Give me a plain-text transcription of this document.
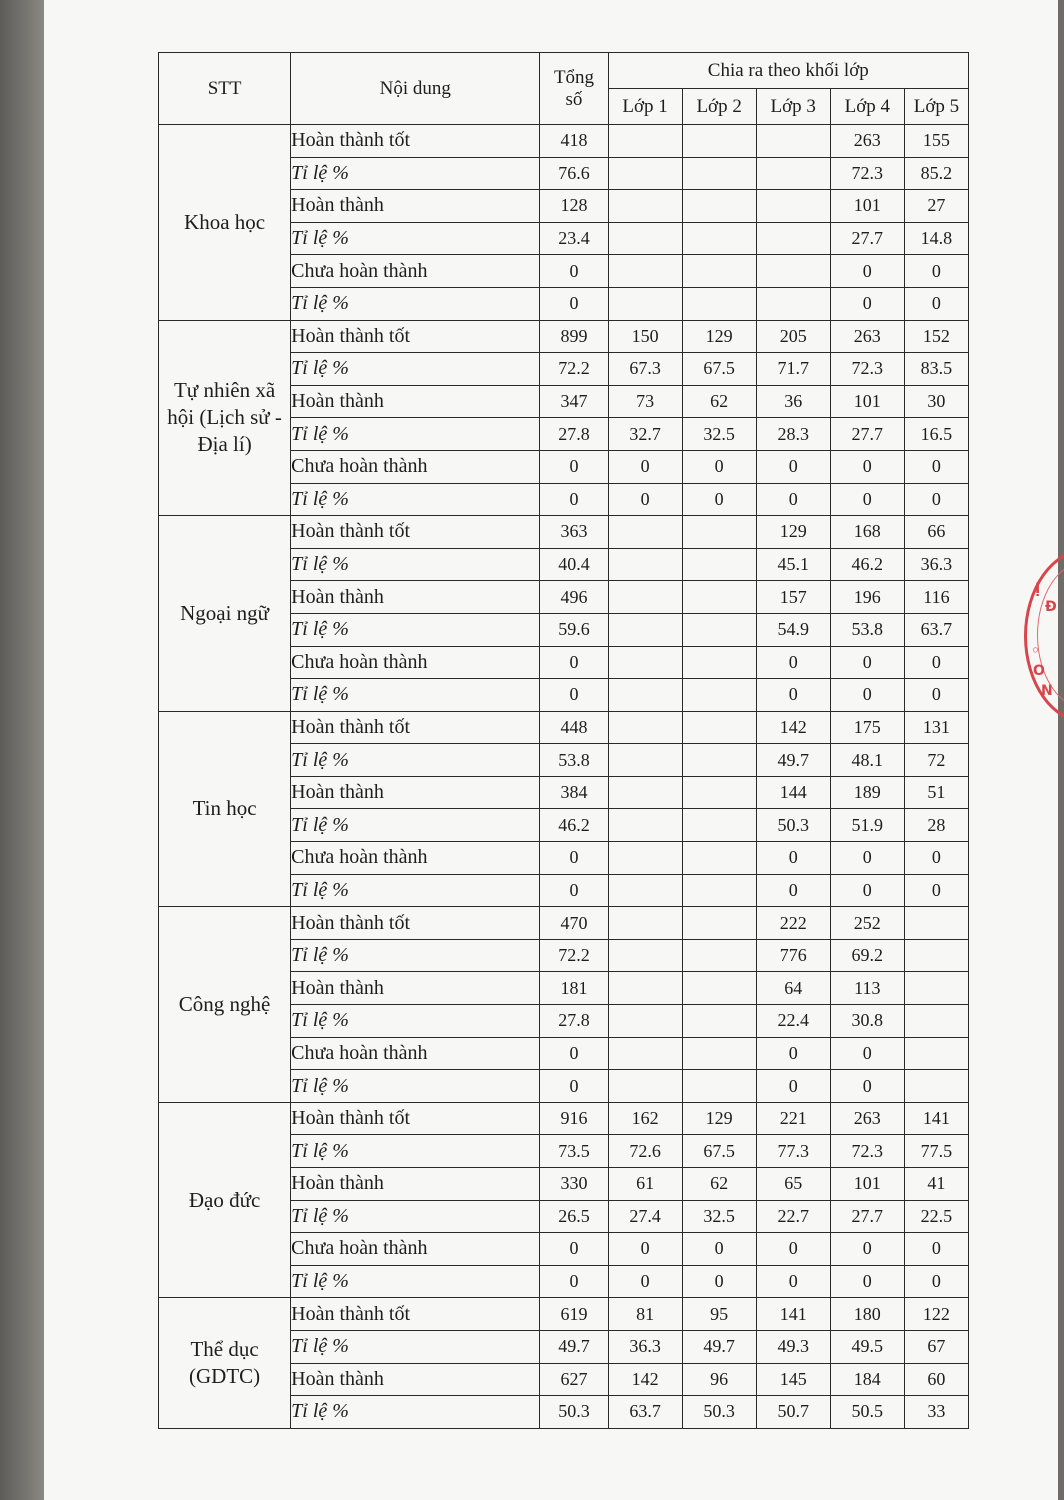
Ị
Đ
◦
O
N
STT	Nội dung	Tổng số	Chia ra theo khối lớp				
			Lớp 1	Lớp 2	Lớp 3	Lớp 4	Lớp 5
Khoa học	Hoàn thành tốt	418				263	155
	Tỉ lệ %	76.6				72.3	85.2
	Hoàn thành	128				101	27
	Tỉ lệ %	23.4				27.7	14.8
	Chưa hoàn thành	0				0	0
	Tỉ lệ %	0				0	0
Tự nhiên xã hội (Lịch sử - Địa lí)	Hoàn thành tốt	899	150	129	205	263	152
	Tỉ lệ %	72.2	67.3	67.5	71.7	72.3	83.5
	Hoàn thành	347	73	62	36	101	30
	Tỉ lệ %	27.8	32.7	32.5	28.3	27.7	16.5
	Chưa hoàn thành	0	0	0	0	0	0
	Tỉ lệ %	0	0	0	0	0	0
Ngoại ngữ	Hoàn thành tốt	363			129	168	66
	Tỉ lệ %	40.4			45.1	46.2	36.3
	Hoàn thành	496			157	196	116
	Tỉ lệ %	59.6			54.9	53.8	63.7
	Chưa hoàn thành	0			0	0	0
	Tỉ lệ %	0			0	0	0
Tin học	Hoàn thành tốt	448			142	175	131
	Tỉ lệ %	53.8			49.7	48.1	72
	Hoàn thành	384			144	189	51
	Tỉ lệ %	46.2			50.3	51.9	28
	Chưa hoàn thành	0			0	0	0
	Tỉ lệ %	0			0	0	0
Công nghệ	Hoàn thành tốt	470			222	252	
	Tỉ lệ %	72.2			776	69.2	
	Hoàn thành	181			64	113	
	Tỉ lệ %	27.8			22.4	30.8	
	Chưa hoàn thành	0			0	0	
	Tỉ lệ %	0			0	0	
Đạo đức	Hoàn thành tốt	916	162	129	221	263	141
	Tỉ lệ %	73.5	72.6	67.5	77.3	72.3	77.5
	Hoàn thành	330	61	62	65	101	41
	Tỉ lệ %	26.5	27.4	32.5	22.7	27.7	22.5
	Chưa hoàn thành	0	0	0	0	0	0
	Tỉ lệ %	0	0	0	0	0	0
Thể dục (GDTC)	Hoàn thành tốt	619	81	95	141	180	122
	Tỉ lệ %	49.7	36.3	49.7	49.3	49.5	67
	Hoàn thành	627	142	96	145	184	60
	Tỉ lệ %	50.3	63.7	50.3	50.7	50.5	33
